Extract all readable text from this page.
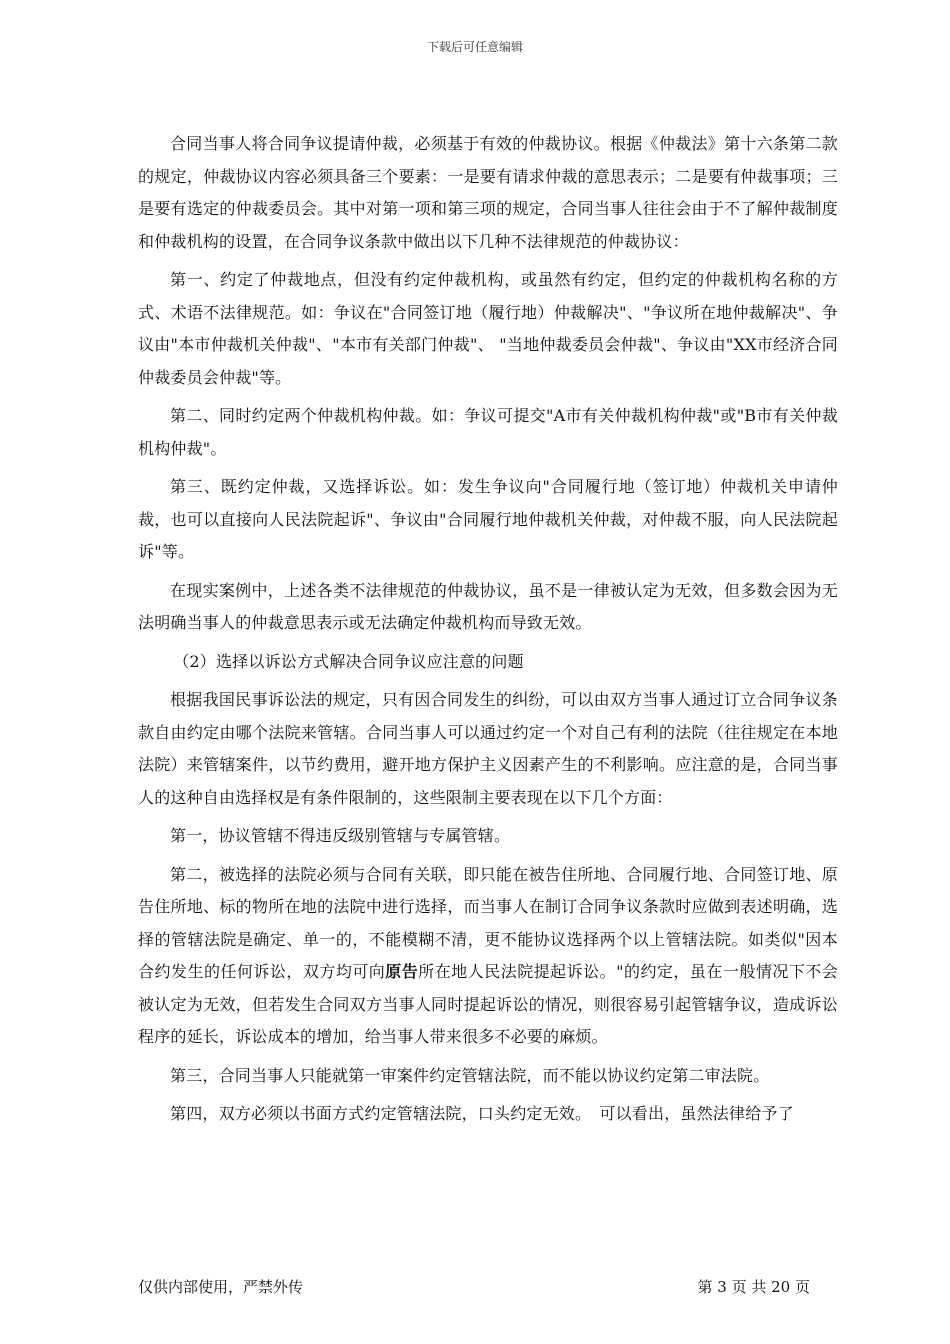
下载后可任意编辑

合同当事人将合同争议提请仲裁，必须基于有效的仲裁协议。根据《仲裁法》第十六条第二款的规定，仲裁协议内容必须具备三个要素：一是要有请求仲裁的意思表示；二是要有仲裁事项；三是要有选定的仲裁委员会。其中对第一项和第三项的规定，合同当事人往往会由于不了解仲裁制度和仲裁机构的设置，在合同争议条款中做出以下几种不法律规范的仲裁协议：

第一、约定了仲裁地点，但没有约定仲裁机构，或虽然有约定，但约定的仲裁机构名称的方式、术语不法律规范。如：争议在"合同签订地（履行地）仲裁解决"、"争议所在地仲裁解决"、争议由"本市仲裁机关仲裁"、"本市有关部门仲裁"、 "当地仲裁委员会仲裁"、争议由"XX市经济合同仲裁委员会仲裁"等。

第二、同时约定两个仲裁机构仲裁。如：争议可提交"A市有关仲裁机构仲裁"或"B市有关仲裁机构仲裁"。

第三、既约定仲裁，又选择诉讼。如：发生争议向"合同履行地（签订地）仲裁机关申请仲裁，也可以直接向人民法院起诉"、争议由"合同履行地仲裁机关仲裁，对仲裁不服，向人民法院起诉"等。

在现实案例中，上述各类不法律规范的仲裁协议，虽不是一律被认定为无效，但多数会因为无法明确当事人的仲裁意思表示或无法确定仲裁机构而导致无效。

（2）选择以诉讼方式解决合同争议应注意的问题

根据我国民事诉讼法的规定，只有因合同发生的纠纷，可以由双方当事人通过订立合同争议条款自由约定由哪个法院来管辖。合同当事人可以通过约定一个对自己有利的法院（往往规定在本地法院）来管辖案件，以节约费用，避开地方保护主义因素产生的不利影响。应注意的是，合同当事人的这种自由选择权是有条件限制的，这些限制主要表现在以下几个方面：

第一，协议管辖不得违反级别管辖与专属管辖。

第二，被选择的法院必须与合同有关联，即只能在被告住所地、合同履行地、合同签订地、原告住所地、标的物所在地的法院中进行选择，而当事人在制订合同争议条款时应做到表述明确，选择的管辖法院是确定、单一的，不能模糊不清，更不能协议选择两个以上管辖法院。如类似"因本合约发生的任何诉讼，双方均可向原告所在地人民法院提起诉讼。"的约定，虽在一般情况下不会被认定为无效，但若发生合同双方当事人同时提起诉讼的情况，则很容易引起管辖争议，造成诉讼程序的延长，诉讼成本的增加，给当事人带来很多不必要的麻烦。

第三，合同当事人只能就第一审案件约定管辖法院，而不能以协议约定第二审法院。

第四，双方必须以书面方式约定管辖法院，口头约定无效。　可以看出，虽然法律给予了

仅供内部使用，严禁外传	第 3 页 共 20 页
